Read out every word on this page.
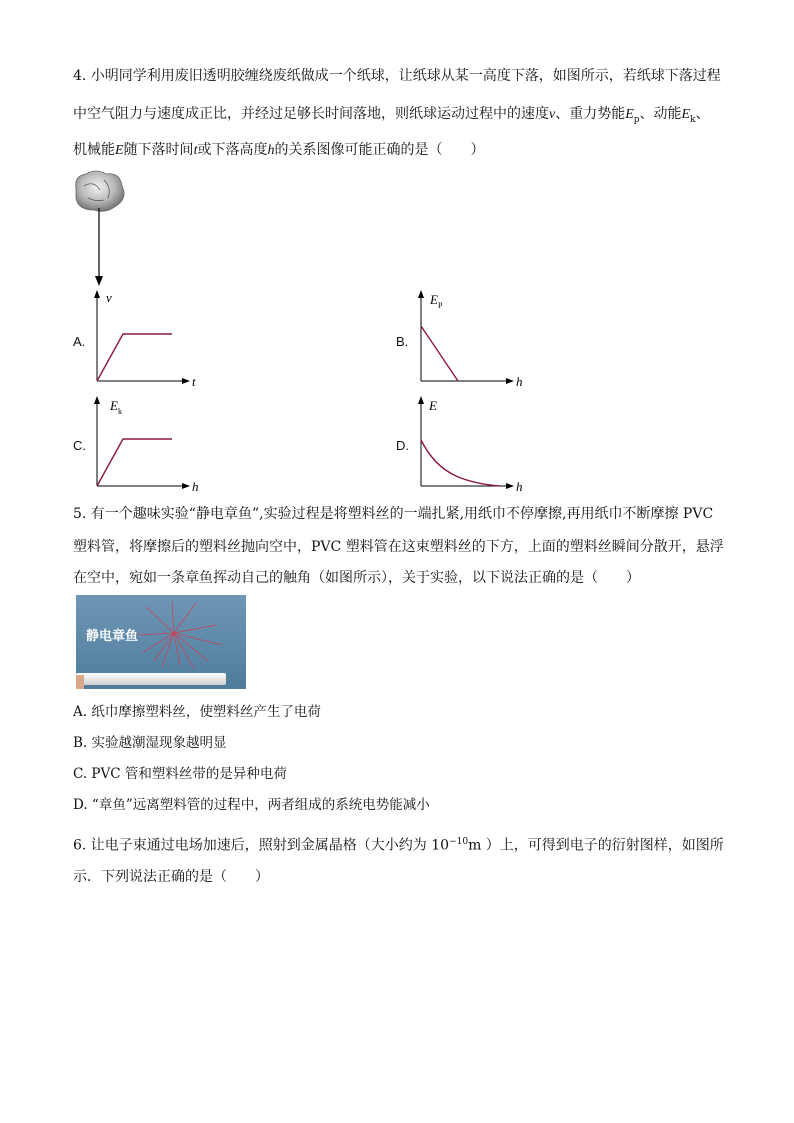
4. 小明同学利用废旧透明胶缠绕废纸做成一个纸球，让纸球从某一高度下落，如图所示，若纸球下落过程
中空气阻力与速度成正比，并经过足够长时间落地，则纸球运动过程中的速度v、重力势能$E_p$、动能$E_k$、
机械能E随下落时间t或下落高度h的关系图像可能正确的是（　　）
A.
v
t
B.
$E_P$
h
C.
$E_k$
h
D.
E
h
5. 有一个趣味实验“静电章鱼”,实验过程是将塑料丝的一端扎紧,用纸巾不停摩擦,再用纸巾不断摩擦 PVC
塑料管，将摩擦后的塑料丝抛向空中，PVC 塑料管在这束塑料丝的下方，上面的塑料丝瞬间分散开，悬浮
在空中，宛如一条章鱼挥动自己的触角（如图所示），关于实验，以下说法正确的是（　　）
静电章鱼
A. 纸巾摩擦塑料丝，使塑料丝产生了电荷
B. 实验越潮湿现象越明显
C. PVC 管和塑料丝带的是异种电荷
D. “章鱼”远离塑料管的过程中，两者组成的系统电势能减小
6. 让电子束通过电场加速后，照射到金属晶格（大小约为 $10^{-10}m$ ）上，可得到电子的衍射图样，如图所
示．下列说法正确的是（　　）
